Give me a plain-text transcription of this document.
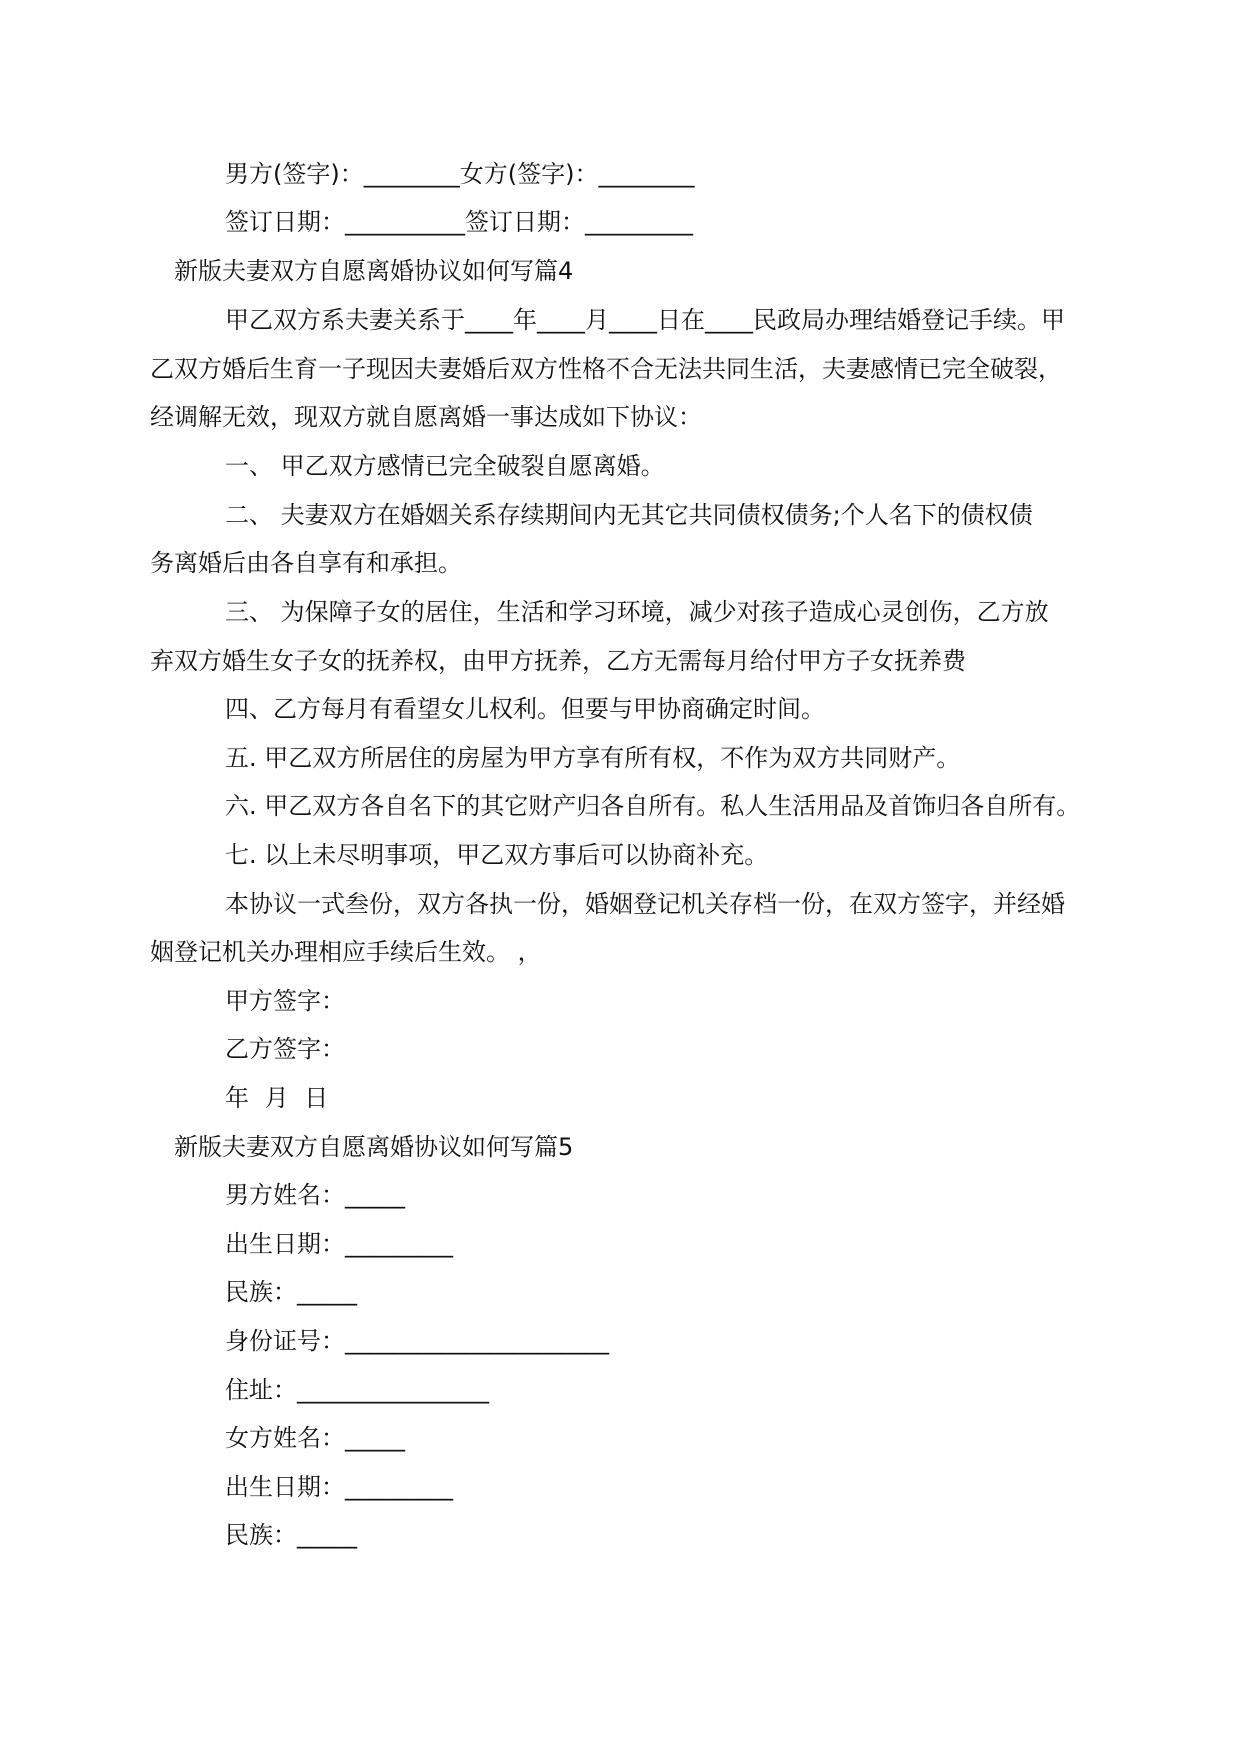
男方(签字)：________女方(签字)：________
签订日期：__________签订日期：_________
新版夫妻双方自愿离婚协议如何写篇4
甲乙双方系夫妻关系于____年____月____日在____民政局办理结婚登记手续。甲
乙双方婚后生育一子现因夫妻婚后双方性格不合无法共同生活，夫妻感情已完全破裂，
经调解无效，现双方就自愿离婚一事达成如下协议：
一、 甲乙双方感情已完全破裂自愿离婚。
二、 夫妻双方在婚姻关系存续期间内无其它共同债权债务;个人名下的债权债
务离婚后由各自享有和承担。
三、 为保障子女的居住，生活和学习环境，减少对孩子造成心灵创伤，乙方放
弃双方婚生女子女的抚养权，由甲方抚养，乙方无需每月给付甲方子女抚养费
四、乙方每月有看望女儿权利。但要与甲协商确定时间。
五. 甲乙双方所居住的房屋为甲方享有所有权，不作为双方共同财产。
六. 甲乙双方各自名下的其它财产归各自所有。私人生活用品及首饰归各自所有。
七. 以上未尽明事项，甲乙双方事后可以协商补充。
本协议一式叁份，双方各执一份，婚姻登记机关存档一份，在双方签字，并经婚
姻登记机关办理相应手续后生效。 ，
甲方签字：
乙方签字：
年 月 日
新版夫妻双方自愿离婚协议如何写篇5
男方姓名：_____
出生日期：_________
民族：_____
身份证号：______________________
住址：________________
女方姓名：_____
出生日期：_________
民族：_____
